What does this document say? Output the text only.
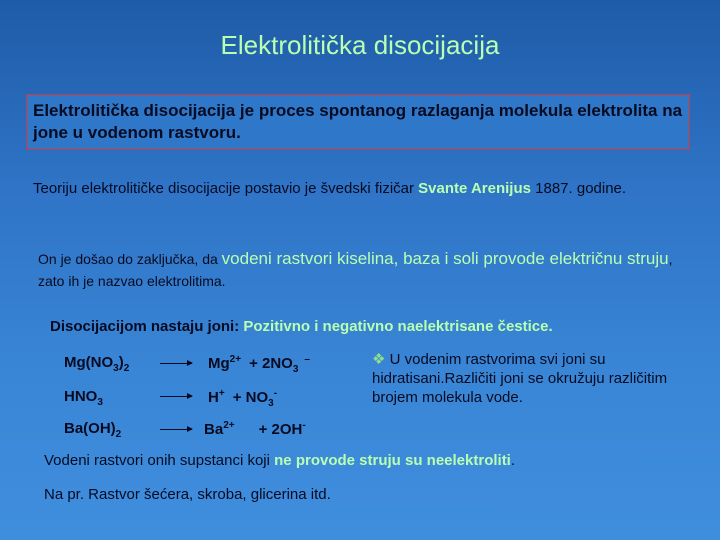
Elektrolitička disocijacija
Elektrolitička disocijacija je proces spontanog razlaganja molekula elektrolita na jone u vodenom rastvoru.
Teoriju elektrolitičke disocijacije postavio je švedski fizičar Svante Arenijus 1887. godine.
On je došao do zaključka, da vodeni rastvori kiselina, baza i soli provode električnu struju, zato ih je nazvao elektrolitima.
Disocijacijom nastaju joni: Pozitivno i negativno naelektrisane čestice.
$Mg(NO_3)_2$	$Mg^{2+} + 2NO_3^-$
$HNO_3$	$H^+ + NO_3^-$
$Ba(OH)_2$	$Ba^{2+} + 2OH^-$
❖ U vodenim rastvorima svi joni su hidratisani.Različiti joni se okružuju različitim brojem molekula vode.
Vodeni rastvori onih supstanci koji ne provode struju su neelektroliti.
Na pr. Rastvor šećera, skroba, glicerina itd.
